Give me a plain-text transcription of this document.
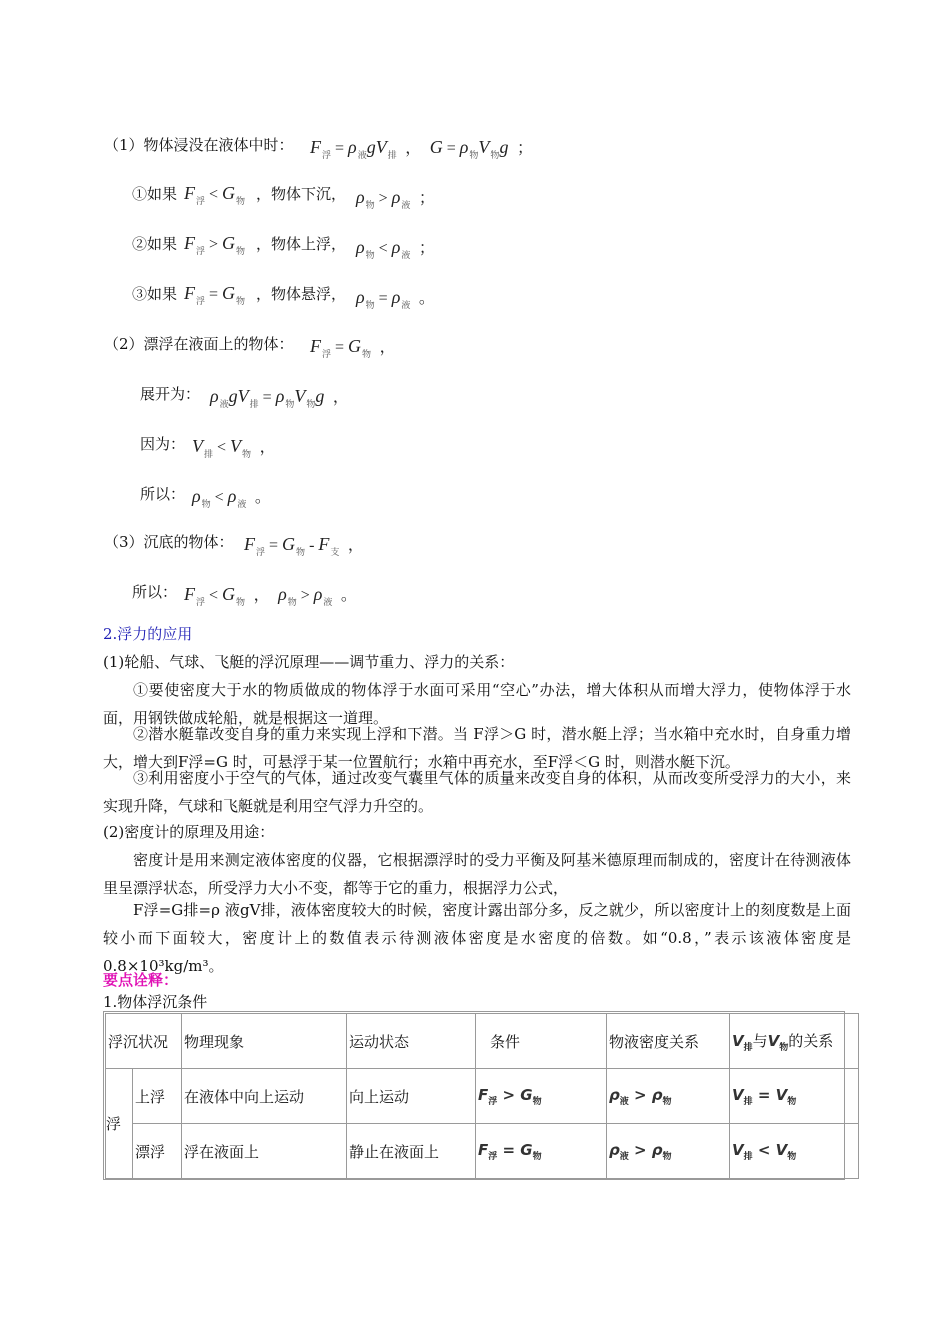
（1）物体浸没在液体中时： $F_浮 = \rho_液gV_排$ ， $G = \rho_物V_物g$ ；
①如果 $F_浮 < G_物$ ，物体下沉， $\rho_物 > \rho_液$ ；
②如果 $F_浮 > G_物$ ，物体上浮， $\rho_物 < \rho_液$ ；
③如果 $F_浮 = G_物$ ，物体悬浮， $\rho_物 = \rho_液$ 。
（2）漂浮在液面上的物体： $F_浮 = G_物$ ，
展开为： $\rho_液gV_排 = \rho_物V_物g$ ，
因为： $V_排 < V_物$ ，
所以： $\rho_物 < \rho_液$ 。
（3）沉底的物体： $F_浮 = G_物 - F_支$ ，
所以： $F_浮 < G_物$ ， $\rho_物 > \rho_液$ 。
2.浮力的应用
(1)轮船、气球、飞艇的浮沉原理——调节重力、浮力的关系：
①要使密度大于水的物质做成的物体浮于水面可采用“空心”办法，增大体积从而增大浮力，使物体浮于水面，用钢铁做成轮船，就是根据这一道理。
②潜水艇靠改变自身的重力来实现上浮和下潜。当 F浮＞G 时，潜水艇上浮；当水箱中充水时，自身重力增大，增大到F浮=G 时，可悬浮于某一位置航行；水箱中再充水，至F浮＜G 时，则潜水艇下沉。
③利用密度小于空气的气体，通过改变气囊里气体的质量来改变自身的体积，从而改变所受浮力的大小，来实现升降，气球和飞艇就是利用空气浮力升空的。
(2)密度计的原理及用途：
密度计是用来测定液体密度的仪器，它根据漂浮时的受力平衡及阿基米德原理而制成的，密度计在待测液体里呈漂浮状态，所受浮力大小不变，都等于它的重力，根据浮力公式，
F浮=G排=ρ 液gV排，液体密度较大的时候，密度计露出部分多，反之就少，所以密度计上的刻度数是上面较小而下面较大，密度计上的数值表示待测液体密度是水密度的倍数。如“0.8，”表示该液体密度是 0.8×10³kg/m³。
要点诠释：
1.物体浮沉条件
浮沉状况		物理现象	运动状态	条件	物液密度关系	$V_排$与$V_物$的关系
浮	上浮	在液体中向上运动	向上运动	$F_浮 > G_物$	$\rho_液 > \rho_物$	$V_排 = V_物$
	漂浮	浮在液面上	静止在液面上	$F_浮 = G_物$	$\rho_液 > \rho_物$	$V_排 < V_物$
